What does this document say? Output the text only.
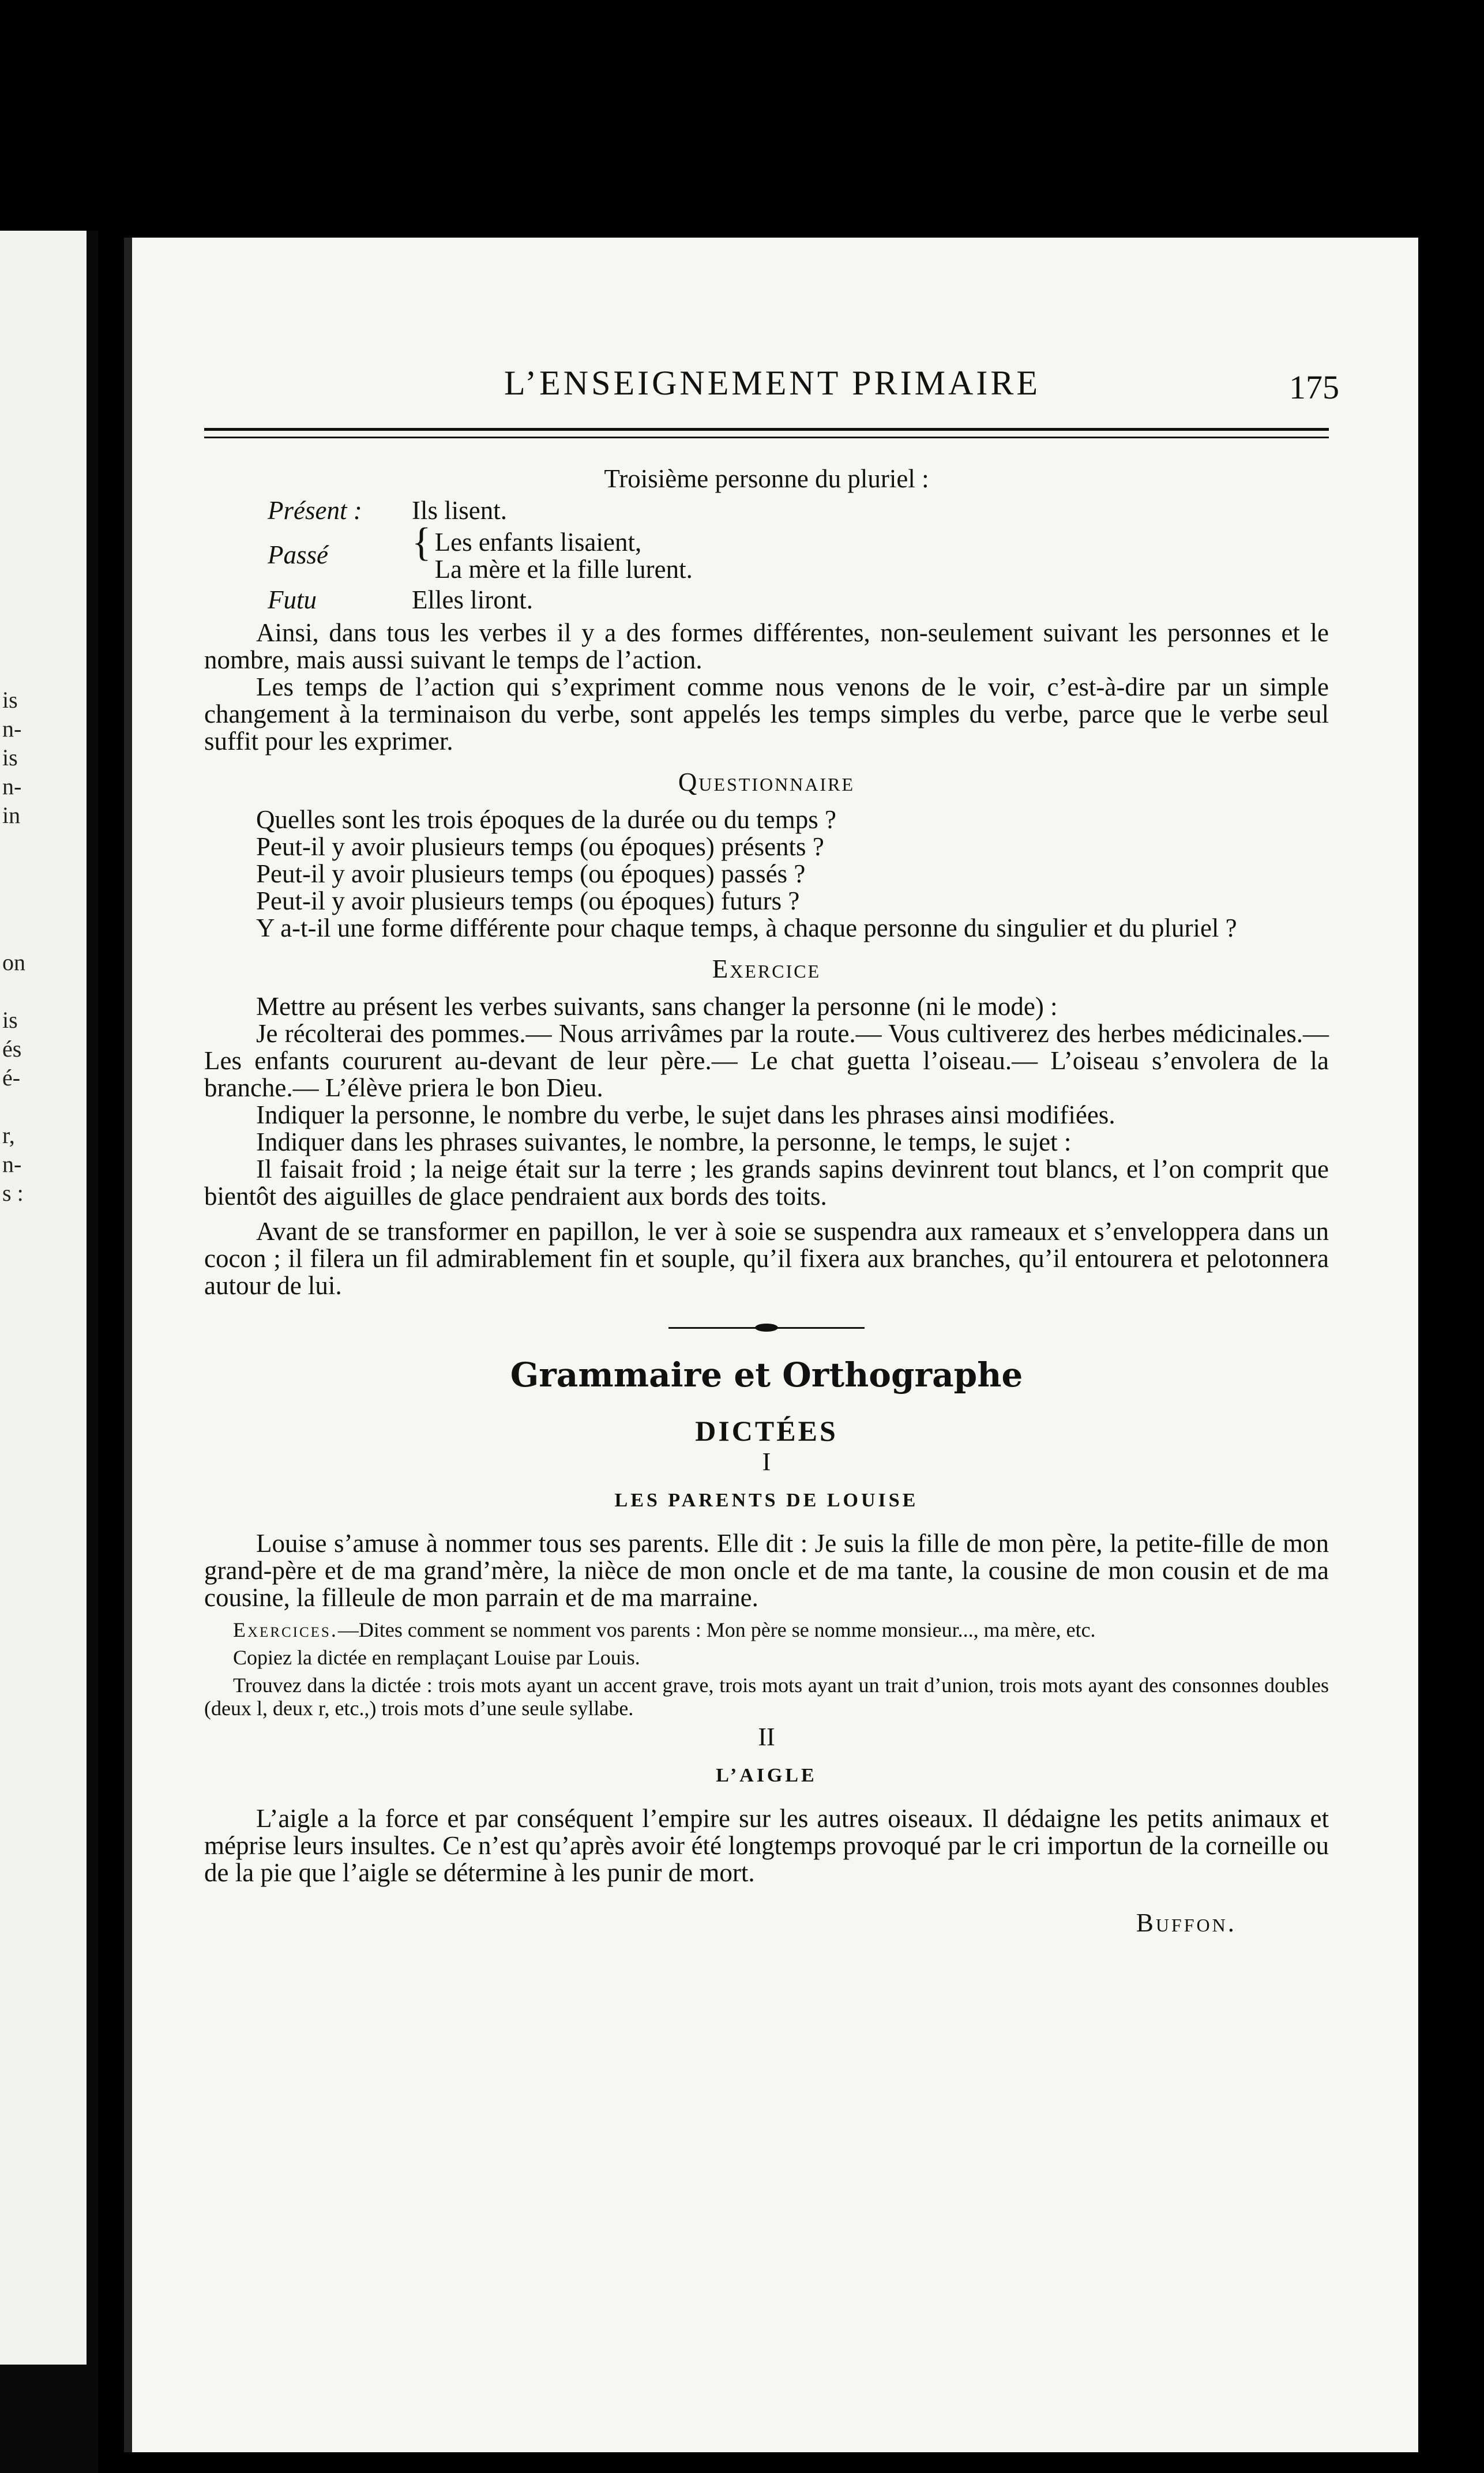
is
n-
is
n-
in
on
is
és
é-
r,
n-
s :
L’ENSEIGNEMENT PRIMAIRE	175

Troisième personne du pluriel :

Présent :	Ils lisent.
Passé	{ Les enfants lisaient,
La mère et la fille lurent.
Futu	Elles liront.

Ainsi, dans tous les verbes il y a des formes différentes, non-seulement suivant les personnes et le nombre, mais aussi suivant le temps de l’action.

Les temps de l’action qui s’expriment comme nous venons de le voir, c’est-à-dire par un simple changement à la terminaison du verbe, sont appelés les temps simples du verbe, parce que le verbe seul suffit pour les exprimer.

Questionnaire

Quelles sont les trois époques de la durée ou du temps ?

Peut-il y avoir plusieurs temps (ou époques) présents ?

Peut-il y avoir plusieurs temps (ou époques) passés ?

Peut-il y avoir plusieurs temps (ou époques) futurs ?

Y a-t-il une forme différente pour chaque temps, à chaque personne du singulier et du pluriel ?

Exercice

Mettre au présent les verbes suivants, sans changer la personne (ni le mode) :

Je récolterai des pommes.— Nous arrivâmes par la route.— Vous cultiverez des herbes médicinales.— Les enfants coururent au-devant de leur père.— Le chat guetta l’oiseau.— L’oiseau s’envolera de la branche.— L’élève priera le bon Dieu.

Indiquer la personne, le nombre du verbe, le sujet dans les phrases ainsi modifiées.

Indiquer dans les phrases suivantes, le nombre, la personne, le temps, le sujet :

Il faisait froid ; la neige était sur la terre ; les grands sapins devinrent tout blancs, et l’on comprit que bientôt des aiguilles de glace pendraient aux bords des toits.

Avant de se transformer en papillon, le ver à soie se suspendra aux rameaux et s’enveloppera dans un cocon ; il filera un fil admirablement fin et souple, qu’il fixera aux branches, qu’il entourera et pelotonnera autour de lui.

Grammaire et Orthographe

DICTÉES

I

LES PARENTS DE LOUISE

Louise s’amuse à nommer tous ses parents. Elle dit : Je suis la fille de mon père, la petite-fille de mon grand-père et de ma grand’mère, la nièce de mon oncle et de ma tante, la cousine de mon cousin et de ma cousine, la filleule de mon parrain et de ma marraine.

Exercices.—Dites comment se nomment vos parents : Mon père se nomme monsieur..., ma mère, etc.

Copiez la dictée en remplaçant Louise par Louis.

Trouvez dans la dictée : trois mots ayant un accent grave, trois mots ayant un trait d’union, trois mots ayant des consonnes doubles (deux l, deux r, etc.,) trois mots d’une seule syllabe.

II

L’AIGLE

L’aigle a la force et par conséquent l’empire sur les autres oiseaux. Il dédaigne les petits animaux et méprise leurs insultes. Ce n’est qu’après avoir été longtemps provoqué par le cri importun de la corneille ou de la pie que l’aigle se détermine à les punir de mort.

Buffon.
